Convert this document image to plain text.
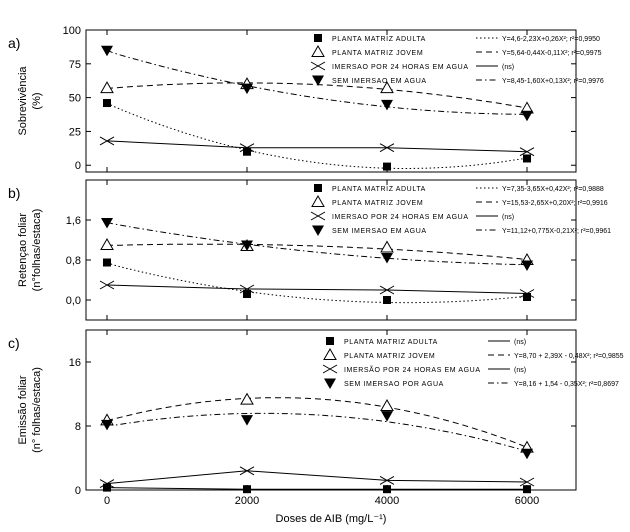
a)
Sobrevivência (%)
0
25
50
75
100
PLANTA MATRIZ ADULTA	Y=4,6-2,23X+0,26X²; r²=0,9950
PLANTA MATRIZ JOVEM	Y=5,64-0,44X-0,11X²; r²=0,9975
IMERSAO POR 24 HORAS EM AGUA	(ns)
SEM IMERSAO EM AGUA	Y=8,45-1,60X+0,13X²; r²=0,9976
b)
Retençao foliar (n°folhas/estaca)
0,0
0,8
1,6
PLANTA MATRIZ ADULTA	Y=7,35-3,65X+0,42X²; r²=0,9888
PLANTA MATRIZ JOVEM	Y=15,53-2,65X+0,20X²; r²=0,9916
IMERSAO POR 24 HORAS EM AGUA	(ns)
SEM IMERSAO EM AGUA	Y=11,12+0,775X-0,21X²; r²=0,9961
c)
Emissão foliar (n° folhas/estaca)
0
8
16
PLANTA MATRIZ ADULTA	(ns)
PLANTA MATRIZ JOVEM	Y=8,70 + 2,39X - 0,48X²; r²=0,9855
IMERSÃO POR 24 HORAS EM AGUA	(ns)
SEM IMERSAO POR AGUA	Y=8,16 + 1,54 - 0,35X²; r²=0,8697
0	2000	4000	6000
Doses de AIB (mg/L⁻¹)
